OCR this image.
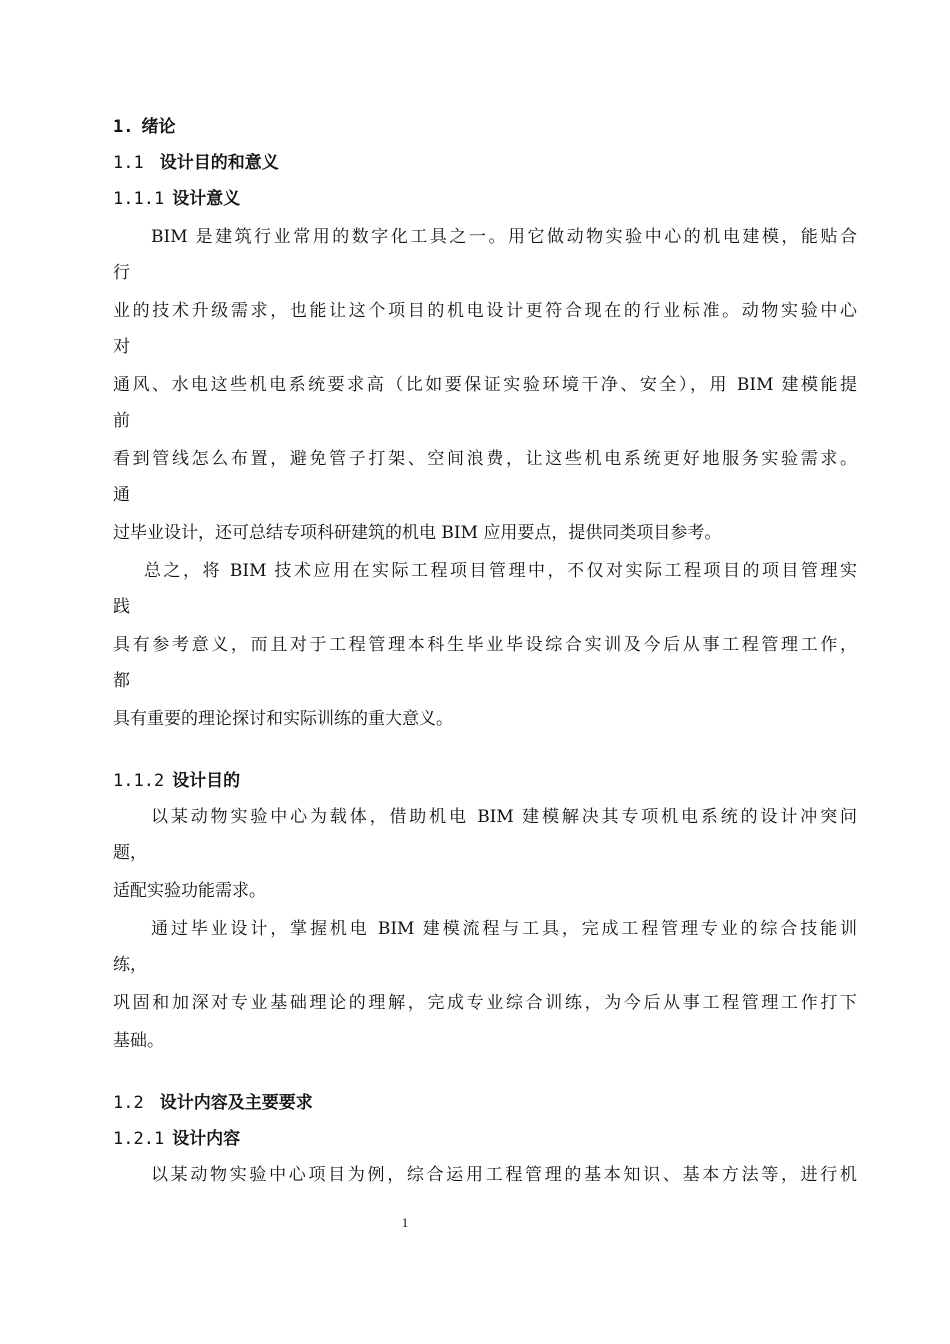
1. 绪论
1.1 设计目的和意义
1.1.1 设计意义
BIM 是建筑行业常用的数字化工具之一。用它做动物实验中心的机电建模，能贴合
行
业的技术升级需求，也能让这个项目的机电设计更符合现在的行业标准。动物实验中心
对
通风、水电这些机电系统要求高（比如要保证实验环境干净、安全），用 BIM 建模能提
前
看到管线怎么布置，避免管子打架、空间浪费，让这些机电系统更好地服务实验需求。
通
过毕业设计，还可总结专项科研建筑的机电 BIM 应用要点，提供同类项目参考。
总之，将 BIM 技术应用在实际工程项目管理中，不仅对实际工程项目的项目管理实
践
具有参考意义，而且对于工程管理本科生毕业毕设综合实训及今后从事工程管理工作，
都
具有重要的理论探讨和实际训练的重大意义。
1.1.2 设计目的
以某动物实验中心为载体，借助机电 BIM 建模解决其专项机电系统的设计冲突问
题，
适配实验功能需求。
通过毕业设计，掌握机电 BIM 建模流程与工具，完成工程管理专业的综合技能训
练，
巩固和加深对专业基础理论的理解，完成专业综合训练，为今后从事工程管理工作打下
基础。
1.2 设计内容及主要要求
1.2.1 设计内容
以某动物实验中心项目为例，综合运用工程管理的基本知识、基本方法等，进行机
1
